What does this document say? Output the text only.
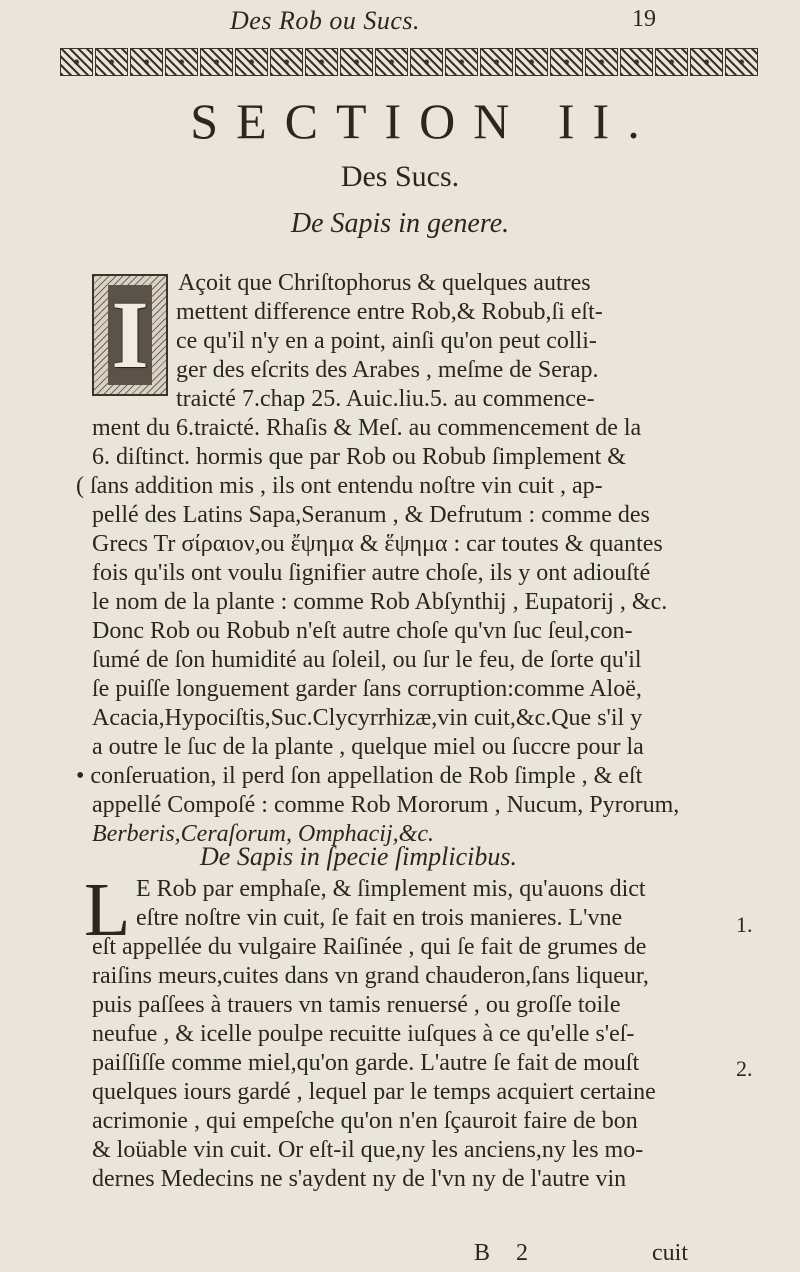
Des Rob ou Sucs.	19
SECTION II.
Des Sucs.
De Sapis in genere.
I Açoit que Chriſtophorus & quelques autres
mettent difference entre Rob,& Robub,ſi eſt-
ce qu'il n'y en a point, ainſi qu'on peut colli-
ger des eſcrits des Arabes , meſme de Serap.
traicté 7.chap 25. Auic.liu.5. au commence-
ment du 6.traicté. Rhaſis & Meſ. au commencement de la
6. diſtinct. hormis que par Rob ou Robub ſimplement &
( ſans addition mis , ils ont entendu noſtre vin cuit , ap-
pellé des Latins Sapa,Seranum , & Defrutum : comme des
Grecs Tr σίραιον,ou ἔψημα & ἕψημα : car toutes & quantes
fois qu'ils ont voulu ſignifier autre choſe, ils y ont adiouſté
le nom de la plante : comme Rob Abſynthij , Eupatorij , &c.
Donc Rob ou Robub n'eſt autre choſe qu'vn ſuc ſeul,con-
ſumé de ſon humidité au ſoleil, ou ſur le feu, de ſorte qu'il
ſe puiſſe longuement garder ſans corruption:comme Aloë,
Acacia,Hypociſtis,Suc.Clycyrrhizæ,vin cuit,&c.Que s'il y
a outre le ſuc de la plante , quelque miel ou ſuccre pour la
• conſeruation, il perd ſon appellation de Rob ſimple , & eſt
appellé Compoſé : comme Rob Mororum , Nucum, Pyrorum,
Berberis,Ceraſorum, Omphacij,&c.
De Sapis in ſpecie ſimplicibus.
L E Rob par emphaſe, & ſimplement mis, qu'auons dict
eſtre noſtre vin cuit, ſe fait en trois manieres. L'vne
eſt appellée du vulgaire Raiſinée , qui ſe fait de grumes de
raiſins meurs,cuites dans vn grand chauderon,ſans liqueur,
puis paſſees à trauers vn tamis renuersé , ou groſſe toile
neufue , & icelle poulpe recuitte iuſques à ce qu'elle s'eſ-
paiſſiſſe comme miel,qu'on garde. L'autre ſe fait de mouſt
quelques iours gardé , lequel par le temps acquiert certaine
acrimonie , qui empeſche qu'on n'en ſçauroit faire de bon
& loüable vin cuit. Or eſt-il que,ny les anciens,ny les mo-
dernes Medecins ne s'aydent ny de l'vn ny de l'autre vin
1.
2.
B 2	cuit
